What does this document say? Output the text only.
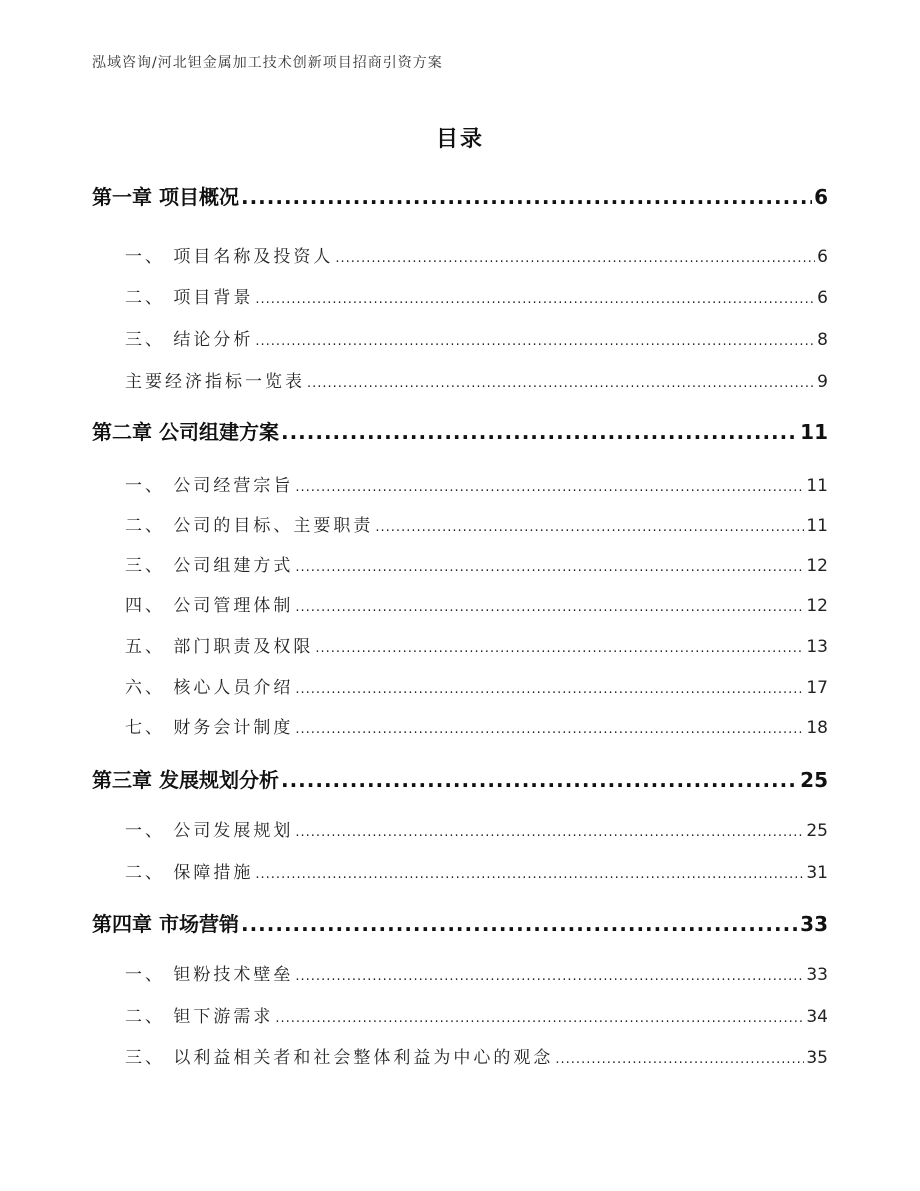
泓域咨询/河北钽金属加工技术创新项目招商引资方案
目录
第一章 项目概况 .....	6
一、 项目名称及投资人 .....	6
二、 项目背景 .....	6
三、 结论分析 .....	8
主要经济指标一览表 .....	9
第二章 公司组建方案 .....	11
一、 公司经营宗旨 .....	11
二、 公司的目标、主要职责 .....	11
三、 公司组建方式 .....	12
四、 公司管理体制 .....	12
五、 部门职责及权限 .....	13
六、 核心人员介绍 .....	17
七、 财务会计制度 .....	18
第三章 发展规划分析 .....	25
一、 公司发展规划 .....	25
二、 保障措施 .....	31
第四章 市场营销 .....	33
一、 钽粉技术壁垒 .....	33
二、 钽下游需求 .....	34
三、 以利益相关者和社会整体利益为中心的观念 .....	35
